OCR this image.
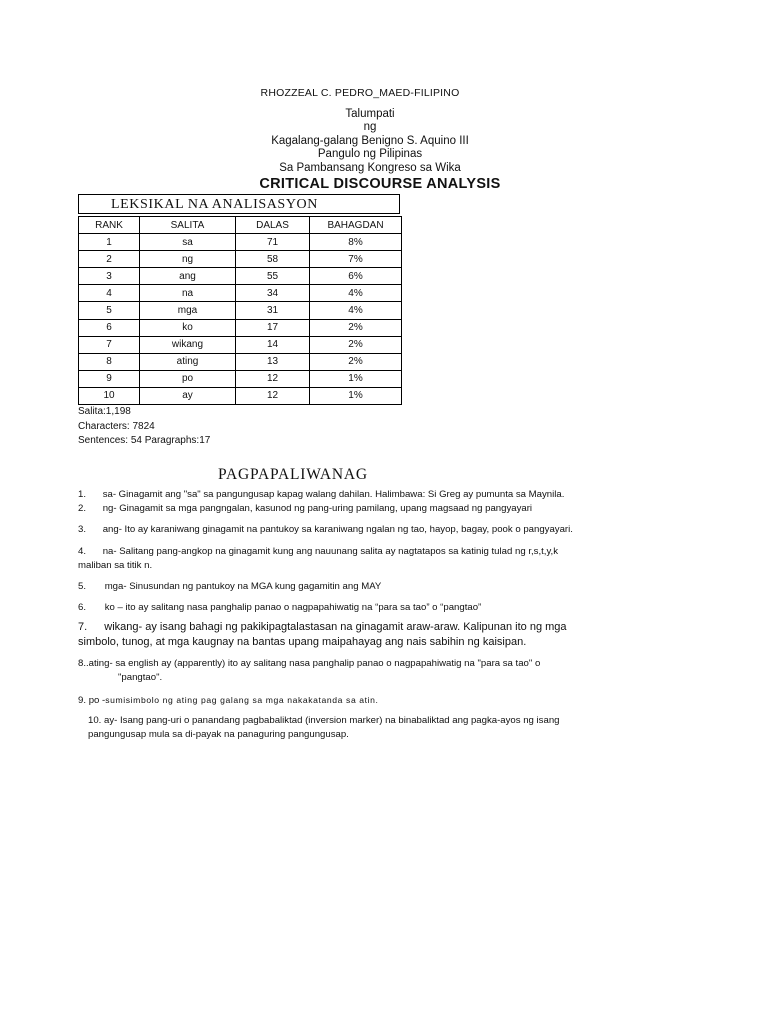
RHOZZEAL C. PEDRO_MAED-FILIPINO
Talumpati
ng
Kagalang-galang Benigno S. Aquino III
Pangulo ng Pilipinas
Sa Pambansang Kongreso sa Wika
CRITICAL DISCOURSE ANALYSIS
LEKSIKAL NA ANALISASYON
RANK	SALITA	DALAS	BAHAGDAN
1	sa	71	8%
2	ng	58	7%
3	ang	55	6%
4	na	34	4%
5	mga	31	4%
6	ko	17	2%
7	wikang	14	2%
8	ating	13	2%
9	po	12	1%
10	ay	12	1%
Salita:1,198
Characters: 7824
Sentences: 54 Paragraphs:17
PAGPAPALIWANAG
1. sa- Ginagamit ang "sa" sa pangungusap kapag walang dahilan. Halimbawa: Si Greg ay pumunta sa Maynila.
2. ng- Ginagamit sa mga pangngalan, kasunod ng pang-uring pamilang, upang magsaad ng pangyayari
3. ang- Ito ay karaniwang ginagamit na pantukoy sa karaniwang ngalan ng tao, hayop, bagay, pook o pangyayari.
4. na- Salitang pang-angkop na ginagamit kung ang nauunang salita ay nagtatapos sa katinig tulad ng r,s,t,y,k
maliban sa titik n.
5. mga- Sinusundan ng pantukoy na MGA kung gagamitin ang MAY
6. ko – ito ay salitang nasa panghalip panao o nagpapahiwatig na “para sa tao” o “pangtao”
7. wikang- ay isang bahagi ng pakikipagtalastasan na ginagamit araw-araw. Kalipunan ito ng mga
simbolo, tunog, at mga kaugnay na bantas upang maipahayag ang nais sabihin ng kaisipan.
8..ating- sa english ay (apparently) ito ay salitang nasa panghalip panao o nagpapahiwatig na "para sa tao" o
"pangtao".
9. po -sumisimbolo ng ating pag galang sa mga nakakatanda sa atin.
10. ay- Isang pang-uri o panandang pagbabaliktad (inversion marker) na binabaliktad ang pagka-ayos ng isang
pangungusap mula sa di-payak na panaguring pangungusap.
